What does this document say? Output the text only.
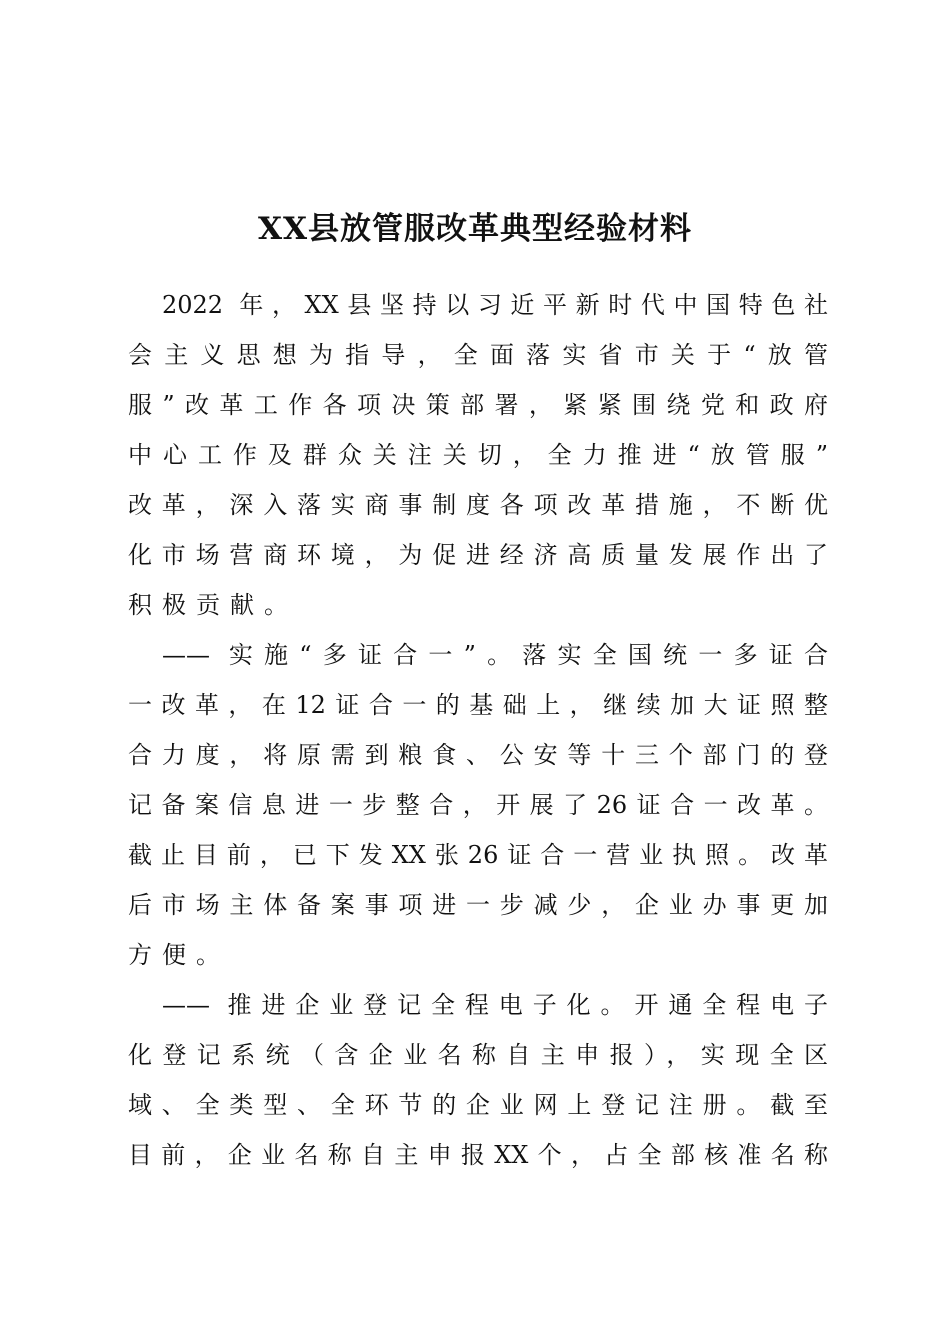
XX县放管服改革典型经验材料
2022 年，XX县坚持以习近平新时代中国特色社
会主义思想为指导，全面落实省市关于“放管
服”改革工作各项决策部署，紧紧围绕党和政府
中心工作及群众关注关切，全力推进“放管服”
改革，深入落实商事制度各项改革措施，不断优
化市场营商环境，为促进经济高质量发展作出了
积极贡献。
—— 实施“多证合一”。落实全国统一多证合
一改革，在12证合一的基础上，继续加大证照整
合力度，将原需到粮食、公安等十三个部门的登
记备案信息进一步整合，开展了26证合一改革。
截止目前，已下发XX张26证合一营业执照。改革
后市场主体备案事项进一步减少，企业办事更加
方便。
—— 推进企业登记全程电子化。开通全程电子
化登记系统（含企业名称自主申报），实现全区
域、全类型、全环节的企业网上登记注册。截至
目前，企业名称自主申报XX个，占全部核准名称
